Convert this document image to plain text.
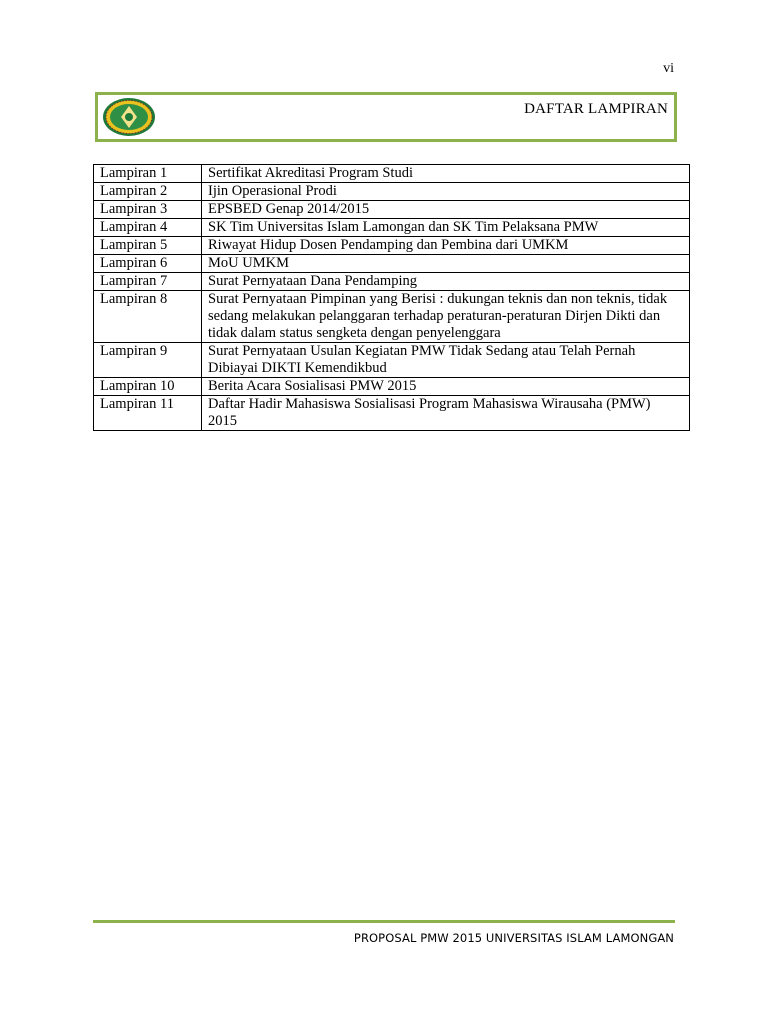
vi
DAFTAR LAMPIRAN
Lampiran 1	Sertifikat Akreditasi Program Studi
Lampiran 2	Ijin Operasional Prodi
Lampiran 3	EPSBED Genap 2014/2015
Lampiran 4	SK Tim Universitas Islam Lamongan dan SK Tim Pelaksana PMW
Lampiran 5	Riwayat Hidup Dosen Pendamping dan Pembina dari UMKM
Lampiran 6	MoU UMKM
Lampiran 7	Surat Pernyataan Dana Pendamping
Lampiran 8	Surat Pernyataan Pimpinan yang Berisi : dukungan teknis dan non teknis, tidak sedang melakukan pelanggaran terhadap peraturan-peraturan Dirjen Dikti dan tidak dalam status sengketa dengan penyelenggara
Lampiran 9	Surat Pernyataan Usulan Kegiatan PMW Tidak Sedang atau Telah Pernah Dibiayai DIKTI Kemendikbud
Lampiran 10	Berita Acara Sosialisasi PMW 2015
Lampiran 11	Daftar Hadir Mahasiswa Sosialisasi Program Mahasiswa Wirausaha (PMW) 2015
PROPOSAL PMW 2015 UNIVERSITAS ISLAM LAMONGAN
